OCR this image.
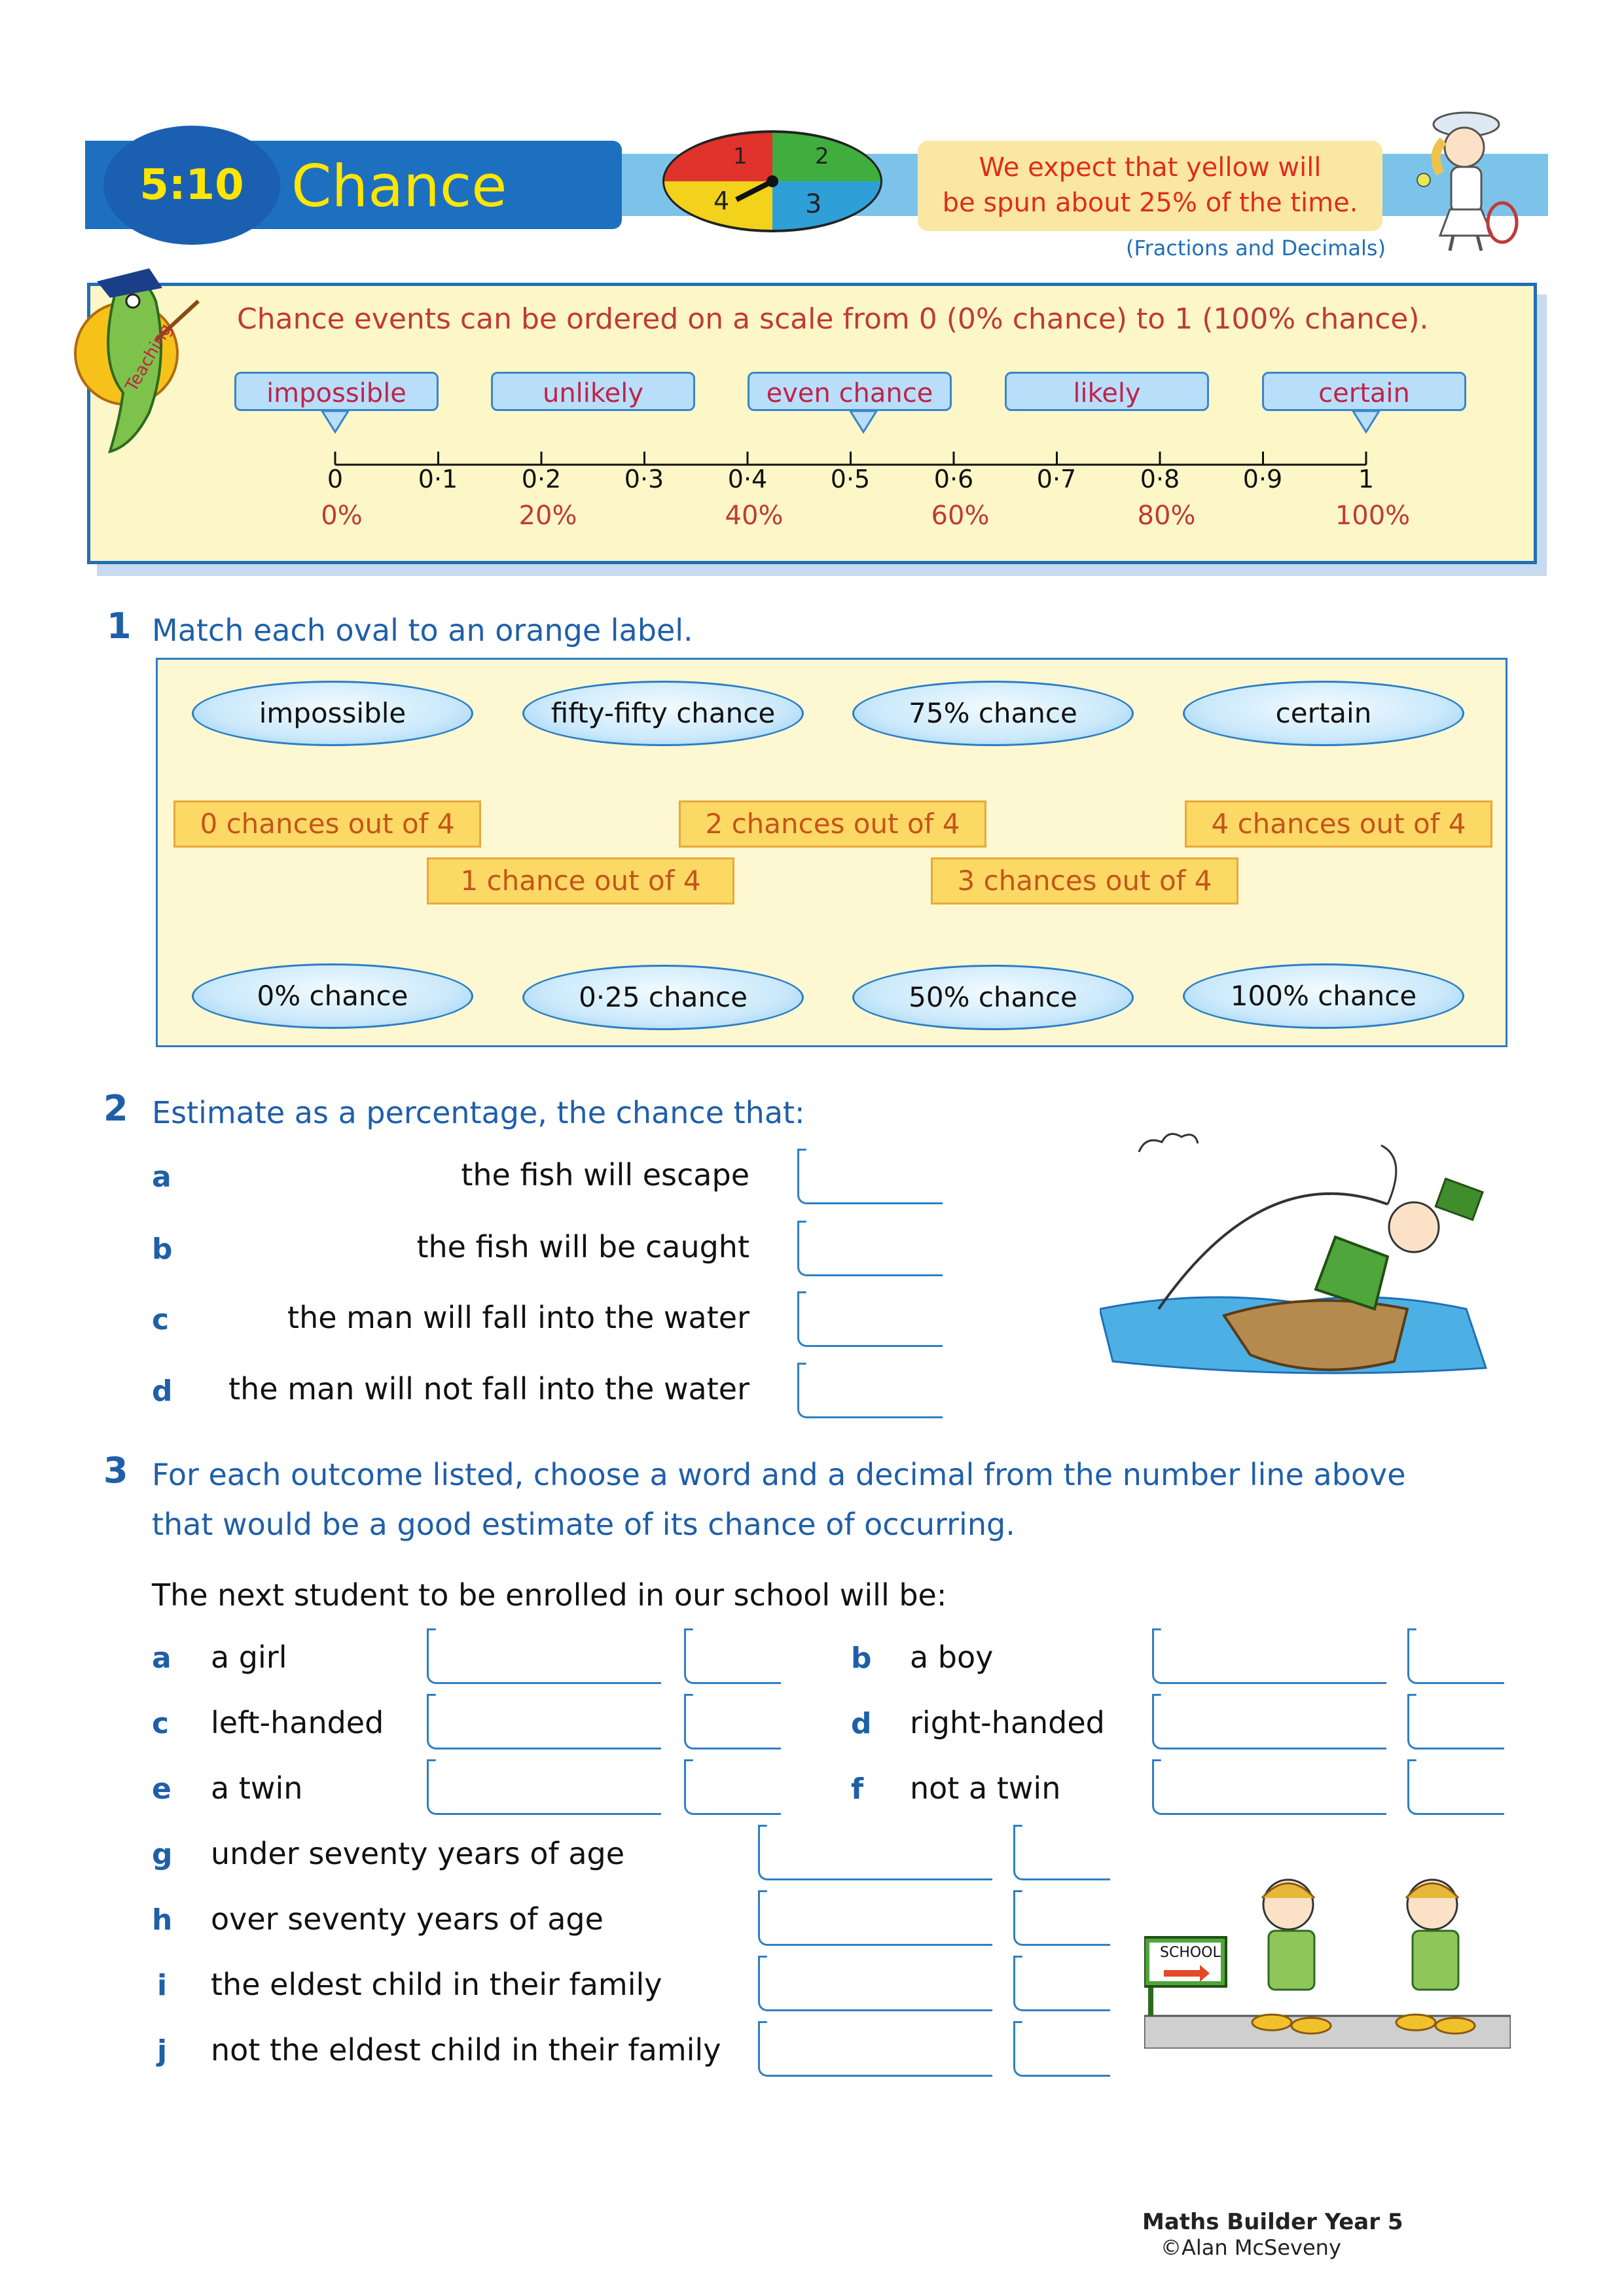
5:10 Chance	1	2
3
4
We expect that yellow will
be spun about 25% of the time.
(Fractions and Decimals)
Teaching
Chance events can be ordered on a scale from 0 (0% chance) to 1 (100% chance).
impossible	unlikely	even chance	likely	certain
0	0·1	0·2	0·3	0·4	0·5	0·6	0·7	0·8	0·9	1
0%	20%	40%	60%	80%	100%
1 Match each oval to an orange label.
impossible	fifty-fifty chance	75% chance	certain
0 chances out of 4	2 chances out of 4	4 chances out of 4
1 chance out of 4	3 chances out of 4
0% chance	0·25 chance	50% chance	100% chance
2 Estimate as a percentage, the chance that:
a	the fish will escape
b	the fish will be caught
c	the man will fall into the water
d	the man will not fall into the water
3 For each outcome listed, choose a word and a decimal from the number line above
that would be a good estimate of its chance of occurring.
The next student to be enrolled in our school will be:
a a girl
c left-handed
e a twin
b a boy
d right-handed
f not a twin
g under seventy years of age
h over seventy years of age
i the eldest child in their family
j not the eldest child in their family
SCHOOL
Maths Builder Year 5
©Alan McSeveny
